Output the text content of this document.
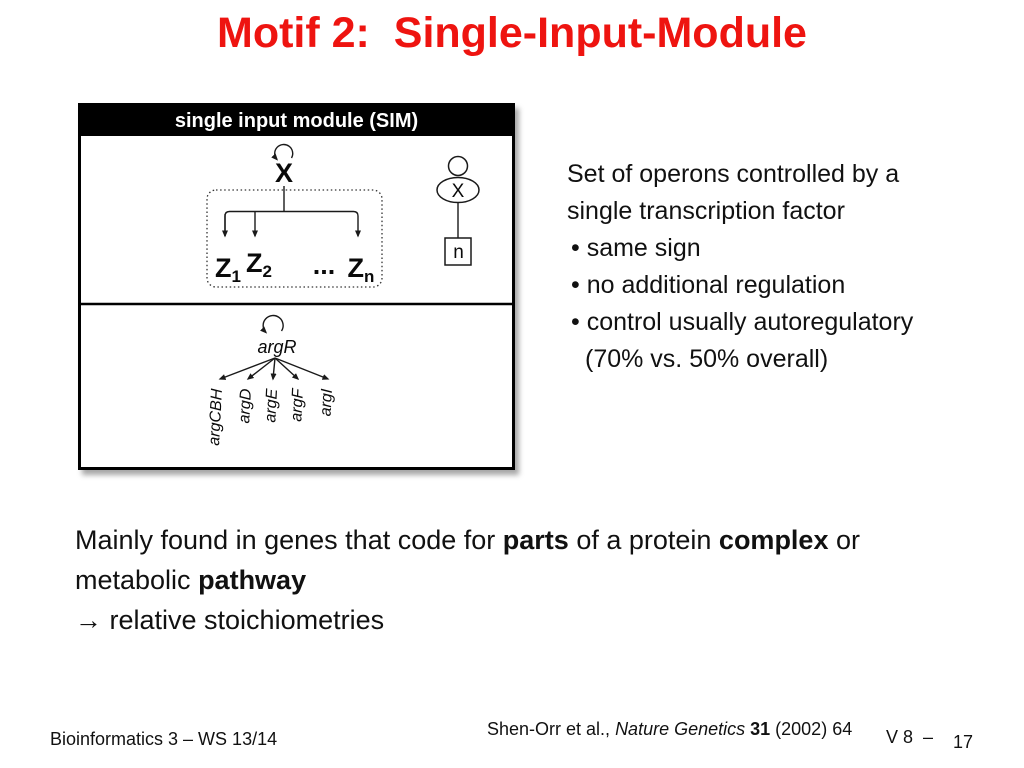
Motif 2:  Single-Input-Module
single input module (SIM)
X
Z1 Z2 ... Zn
X
n
argR
argCBH argD argE argF argI
Set of operons controlled by a
single transcription factor
• same sign
• no additional regulation
• control usually autoregulatory
(70% vs. 50% overall)
Mainly found in genes that code for parts of a protein complex or
metabolic pathway
→ relative stoichiometries
Bioinformatics 3 – WS 13/14	Shen-Orr et al., Nature Genetics 31 (2002) 64 V 8  – 17
